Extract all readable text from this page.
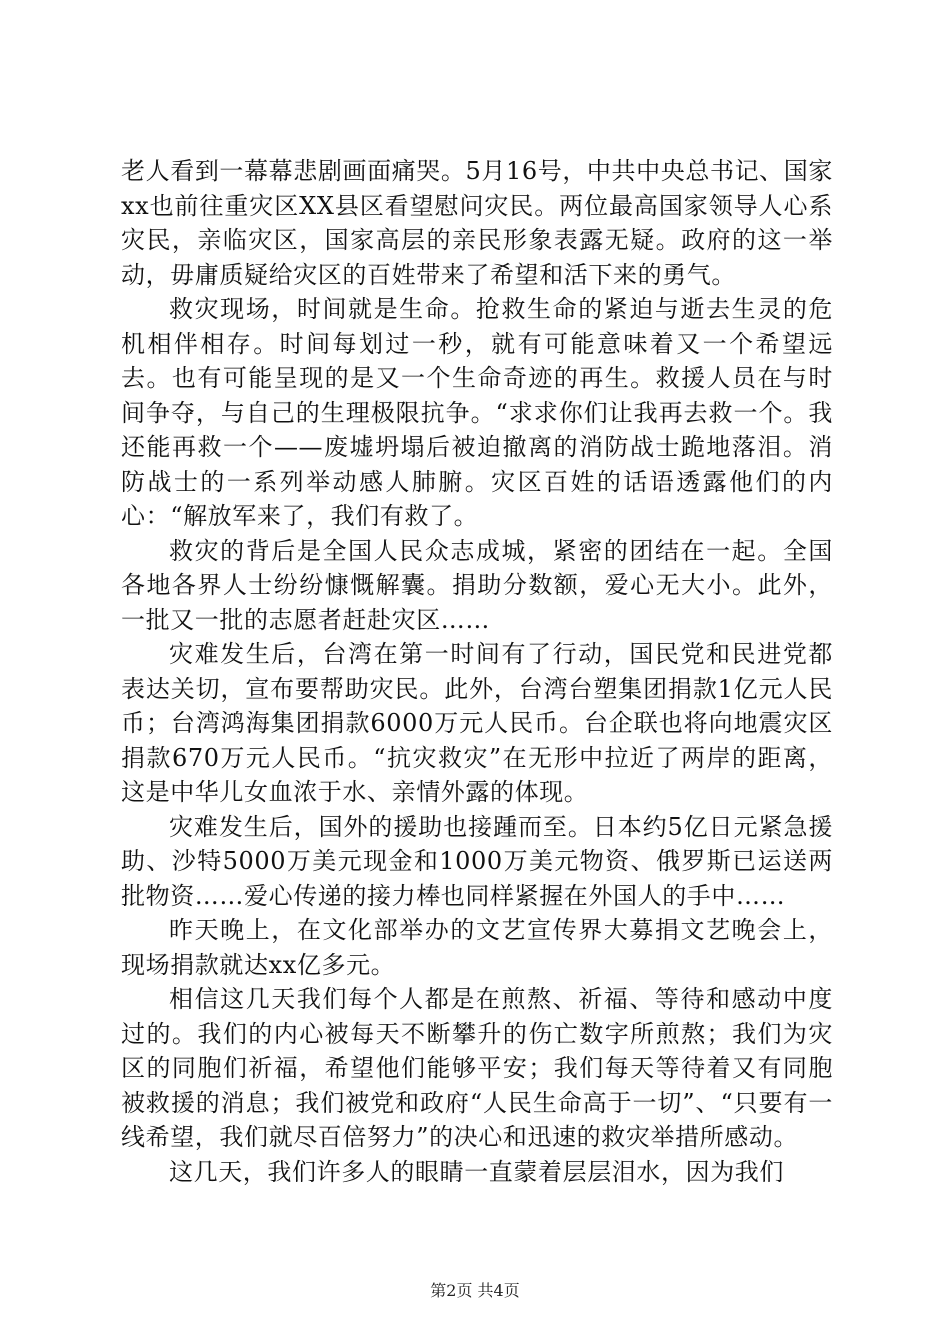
老人看到一幕幕悲剧画面痛哭。5月16号，中共中央总书记、国家xx也前往重灾区XX县区看望慰问灾民。两位最高国家领导人心系灾民，亲临灾区，国家高层的亲民形象表露无疑。政府的这一举动，毋庸质疑给灾区的百姓带来了希望和活下来的勇气。

救灾现场，时间就是生命。抢救生命的紧迫与逝去生灵的危机相伴相存。时间每划过一秒，就有可能意味着又一个希望远去。也有可能呈现的是又一个生命奇迹的再生。救援人员在与时间争夺，与自己的生理极限抗争。“求求你们让我再去救一个。我还能再救一个——废墟坍塌后被迫撤离的消防战士跪地落泪。消防战士的一系列举动感人肺腑。灾区百姓的话语透露他们的内心：“解放军来了，我们有救了。

救灾的背后是全国人民众志成城，紧密的团结在一起。全国各地各界人士纷纷慷慨解囊。捐助分数额，爱心无大小。此外，一批又一批的志愿者赶赴灾区……

灾难发生后，台湾在第一时间有了行动，国民党和民进党都表达关切，宣布要帮助灾民。此外，台湾台塑集团捐款1亿元人民币；台湾鸿海集团捐款6000万元人民币。台企联也将向地震灾区捐款670万元人民币。“抗灾救灾”在无形中拉近了两岸的距离，这是中华儿女血浓于水、亲情外露的体现。

灾难发生后，国外的援助也接踵而至。日本约5亿日元紧急援助、沙特5000万美元现金和1000万美元物资、俄罗斯已运送两批物资……爱心传递的接力棒也同样紧握在外国人的手中……

昨天晚上，在文化部举办的文艺宣传界大募捐文艺晚会上，现场捐款就达xx亿多元。

相信这几天我们每个人都是在煎熬、祈福、等待和感动中度过的。我们的内心被每天不断攀升的伤亡数字所煎熬；我们为灾区的同胞们祈福，希望他们能够平安；我们每天等待着又有同胞被救援的消息；我们被党和政府“人民生命高于一切”、“只要有一线希望，我们就尽百倍努力”的决心和迅速的救灾举措所感动。

这几天，我们许多人的眼睛一直蒙着层层泪水，因为我们

第2页 共4页
